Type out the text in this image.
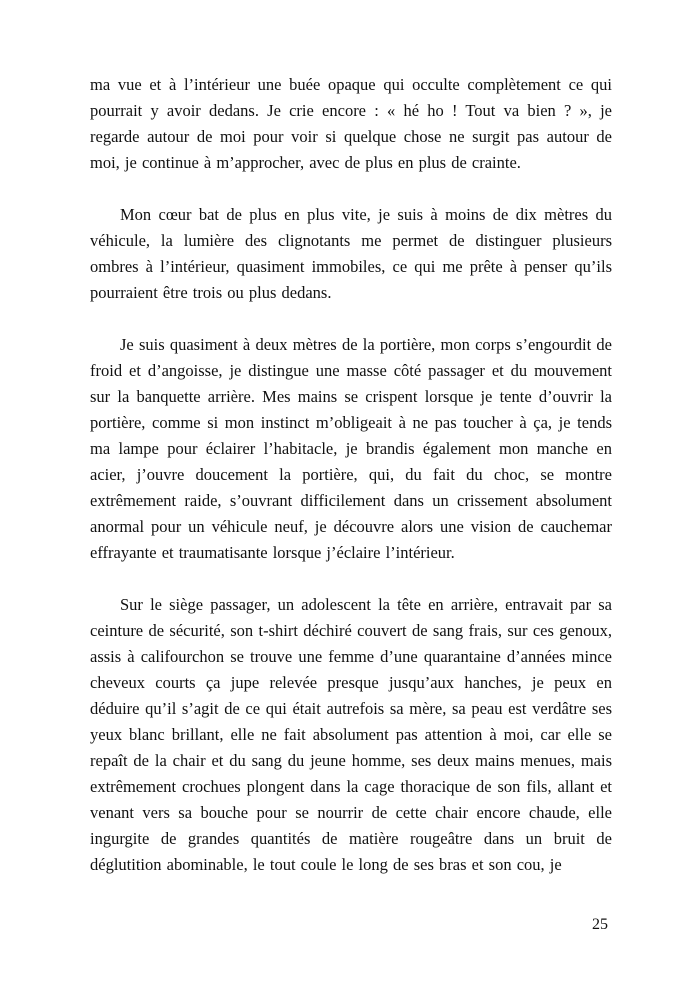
ma vue et à l’intérieur une buée opaque qui occulte complètement ce qui pourrait y avoir dedans. Je crie encore : « hé ho ! Tout va bien ? », je regarde autour de moi pour voir si quelque chose ne surgit pas autour de moi, je continue à m’approcher, avec de plus en plus de crainte.

Mon cœur bat de plus en plus vite, je suis à moins de dix mètres du véhicule, la lumière des clignotants me permet de distinguer plusieurs ombres à l’intérieur, quasiment immobiles, ce qui me prête à penser qu’ils pourraient être trois ou plus dedans.

Je suis quasiment à deux mètres de la portière, mon corps s’engourdit de froid et d’angoisse, je distingue une masse côté passager et du mouvement sur la banquette arrière. Mes mains se crispent lorsque je tente d’ouvrir la portière, comme si mon instinct m’obligeait à ne pas toucher à ça, je tends ma lampe pour éclairer l’habitacle, je brandis également mon manche en acier, j’ouvre doucement la portière, qui, du fait du choc, se montre extrêmement raide, s’ouvrant difficilement dans un crissement absolument anormal pour un véhicule neuf, je découvre alors une vision de cauchemar effrayante et traumatisante lorsque j’éclaire l’intérieur.

Sur le siège passager, un adolescent la tête en arrière, entravait par sa ceinture de sécurité, son t-shirt déchiré couvert de sang frais, sur ces genoux, assis à califourchon se trouve une femme d’une quarantaine d’années mince cheveux courts ça jupe relevée presque jusqu’aux hanches, je peux en déduire qu’il s’agit de ce qui était autrefois sa mère, sa peau est verdâtre ses yeux blanc brillant, elle ne fait absolument pas attention à moi, car elle se repaît de la chair et du sang du jeune homme, ses deux mains menues, mais extrêmement crochues plongent dans la cage thoracique de son fils, allant et venant vers sa bouche pour se nourrir de cette chair encore chaude, elle ingurgite de grandes quantités de matière rougeâtre dans un bruit de déglutition abominable, le tout coule le long de ses bras et son cou, je

25
